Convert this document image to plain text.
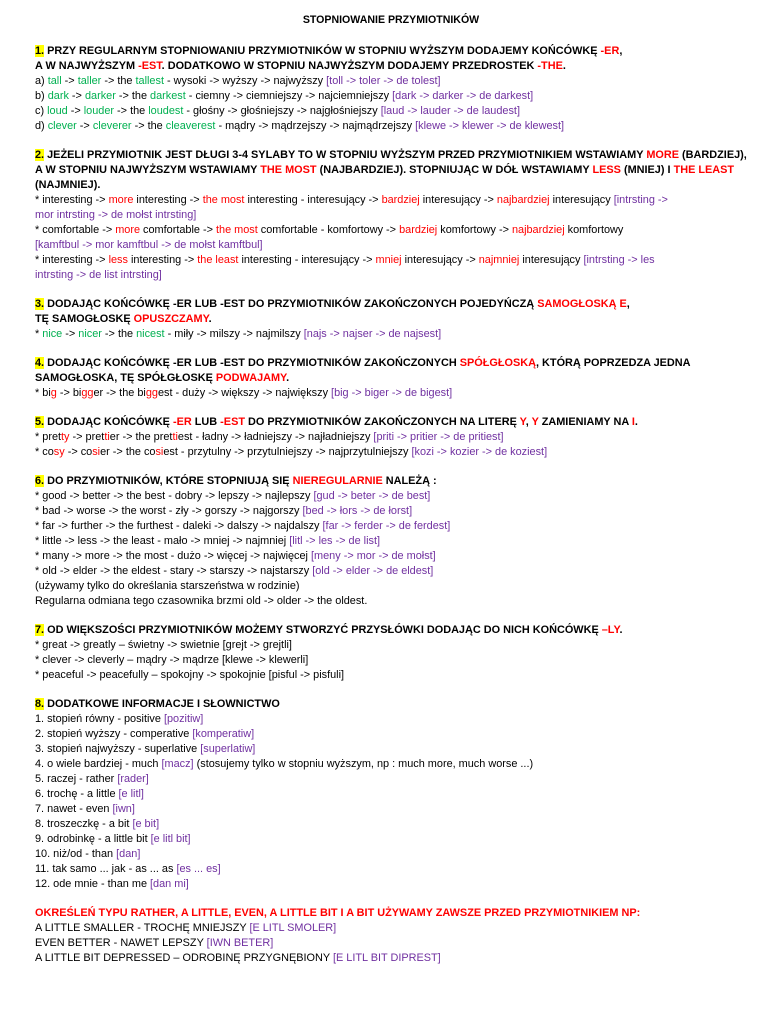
STOPNIOWANIE PRZYMIOTNIKÓW
1. PRZY REGULARNYM STOPNIOWANIU PRZYMIOTNIKÓW W STOPNIU WYŻSZYM DODAJEMY KOŃCÓWKĘ -ER,
A W NAJWYŻSZYM -EST. DODATKOWO W STOPNIU NAJWYŻSZYM DODAJEMY PRZEDROSTEK -THE.
a) tall -> taller -> the tallest - wysoki -> wyższy -> najwyższy [toll -> toler -> de tolest]
b) dark -> darker -> the darkest - ciemny -> ciemniejszy -> najciemniejszy [dark -> darker -> de darkest]
c) loud -> louder -> the loudest - głośny -> głośniejszy -> najgłośniejszy [laud -> lauder -> de laudest]
d) clever -> cleverer -> the cleaverest - mądry -> mądrzejszy -> najmądrzejszy [klewe -> klewer -> de klewest]
2. JEŻELI PRZYMIOTNIK JEST DŁUGI 3-4 SYLABY TO W STOPNIU WYŻSZYM PRZED PRZYMIOTNIKIEM WSTAWIAMY MORE (BARDZIEJ),
A W STOPNIU NAJWYŻSZYM WSTAWIAMY THE MOST (NAJBARDZIEJ). STOPNIUJĄC W DÓŁ WSTAWIAMY LESS (MNIEJ) I THE LEAST
(NAJMNIEJ).
* interesting -> more interesting -> the most interesting - interesujący -> bardziej interesujący -> najbardziej interesujący [intrsting ->
mor intrsting -> de mołst intrsting]
* comfortable -> more comfortable -> the most comfortable - komfortowy -> bardziej komfortowy -> najbardziej komfortowy
[kamftbul -> mor kamftbul -> de mołst kamftbul]
* interesting -> less interesting -> the least interesting - interesujący -> mniej interesujący -> najmniej interesujący [intrsting -> les
intrsting -> de list intrsting]
3. DODAJĄC KOŃCÓWKĘ -ER LUB -EST DO PRZYMIOTNIKÓW ZAKOŃCZONYCH POJEDYŃCZĄ SAMOGŁOSKĄ E,
TĘ SAMOGŁOSKĘ OPUSZCZAMY.
* nice -> nicer -> the nicest - miły -> milszy -> najmilszy [najs -> najser -> de najsest]
4. DODAJĄC KOŃCÓWKĘ -ER LUB -EST DO PRZYMIOTNIKÓW ZAKOŃCZONYCH SPÓŁGŁOSKĄ, KTÓRĄ POPRZEDZA JEDNA
SAMOGŁOSKA, TĘ SPÓŁGŁOSKĘ PODWAJAMY.
* big -> bigger -> the biggest - duży -> większy -> największy [big -> biger -> de bigest]
5. DODAJĄC KOŃCÓWKĘ -ER LUB -EST DO PRZYMIOTNIKÓW ZAKOŃCZONYCH NA LITERĘ Y, Y ZAMIENIAMY NA I.
* pretty -> prettier -> the prettiest - ładny -> ładniejszy -> najładniejszy [priti -> pritier -> de pritiest]
* cosy -> cosier -> the cosiest - przytulny -> przytulniejszy -> najprzytulniejszy [kozi -> kozier -> de koziest]
6. DO PRZYMIOTNIKÓW, KTÓRE STOPNIUJĄ SIĘ NIEREGULARNIE NALEŻĄ :
* good -> better -> the best - dobry -> lepszy -> najlepszy [gud -> beter -> de best]
* bad -> worse -> the worst - zły -> gorszy -> najgorszy [bed -> łors -> de łorst]
* far -> further -> the furthest - daleki -> dalszy -> najdalszy [far -> ferder -> de ferdest]
* little -> less -> the least - mało -> mniej -> najmniej [litl -> les -> de list]
* many -> more -> the most - dużo -> więcej -> najwięcej [meny -> mor -> de mołst]
* old -> elder -> the eldest - stary -> starszy -> najstarszy [old -> elder -> de eldest]
(używamy tylko do określania starszeństwa w rodzinie)
Regularna odmiana tego czasownika brzmi old -> older -> the oldest.
7. OD WIĘKSZOŚCI PRZYMIOTNIKÓW MOŻEMY STWORZYĆ PRZYSŁÓWKI DODAJĄC DO NICH KOŃCÓWKĘ –LY.
* great -> greatly – świetny -> swietnie [grejt -> grejtli]
* clever -> cleverly – mądry -> mądrze [klewe -> klewerli]
* peaceful -> peacefully – spokojny -> spokojnie [pisful -> pisfuli]
8. DODATKOWE INFORMACJE I SŁOWNICTWO
1. stopień równy - positive [pozitiw]
2. stopień wyższy - comperative [komperatiw]
3. stopień najwyższy - superlative [superlatiw]
4. o wiele bardziej - much [macz] (stosujemy tylko w stopniu wyższym, np : much more, much worse ...)
5. raczej - rather [rader]
6. trochę - a little [e litl]
7. nawet - even [iwn]
8. troszeczkę - a bit [e bit]
9. odrobinkę - a little bit [e litl bit]
10. niż/od - than [dan]
11. tak samo ... jak - as ... as [es ... es]
12. ode mnie - than me [dan mi]
OKREŚLEŃ TYPU RATHER, A LITTLE, EVEN, A LITTLE BIT I A BIT UŻYWAMY ZAWSZE PRZED PRZYMIOTNIKIEM NP:
A LITTLE SMALLER - TROCHĘ MNIEJSZY [E LITL SMOLER]
EVEN BETTER - NAWET LEPSZY [IWN BETER]
A LITTLE BIT DEPRESSED – ODROBINĘ PRZYGNĘBIONY [E LITL BIT DIPREST]
